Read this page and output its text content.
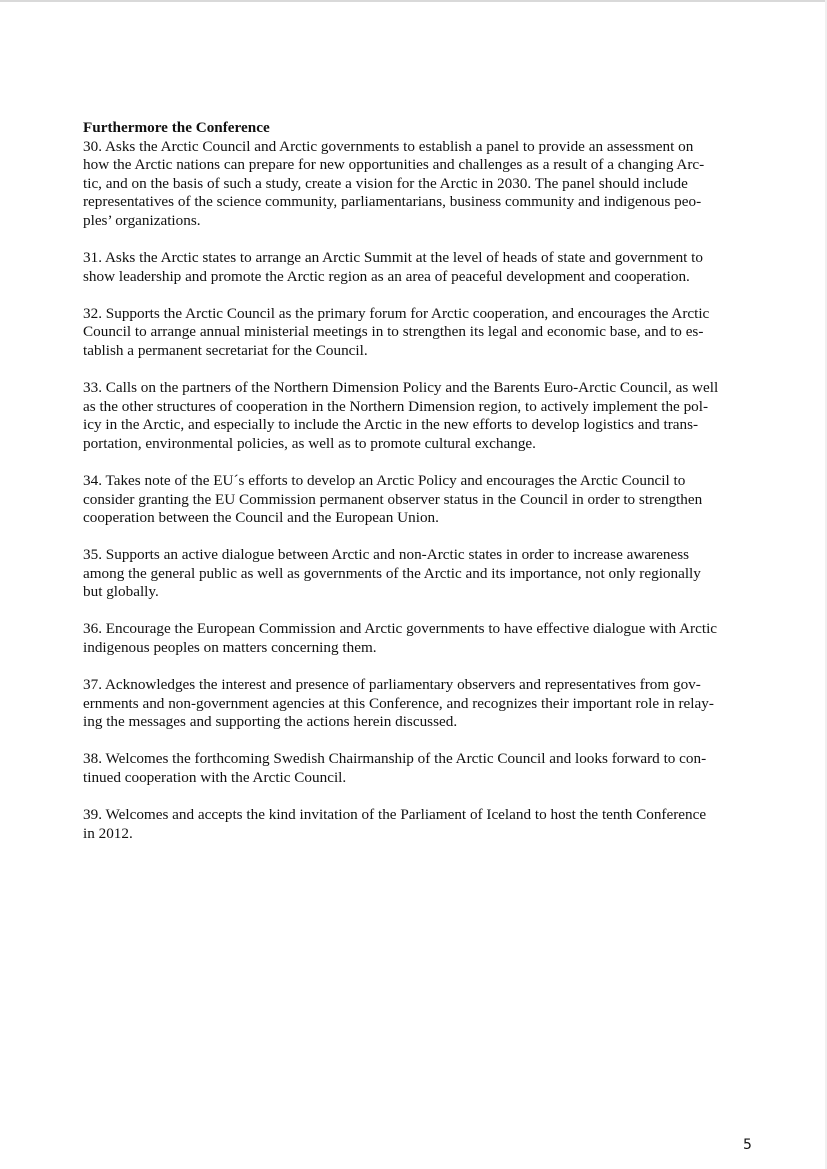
Furthermore the Conference

30. Asks the Arctic Council and Arctic governments to establish a panel to provide an assessment on
how the Arctic nations can prepare for new opportunities and challenges as a result of a changing Arc-
tic, and on the basis of such a study, create a vision for the Arctic in 2030. The panel should include
representatives of the science community, parliamentarians, business community and indigenous peo-
ples’ organizations.

31. Asks the Arctic states to arrange an Arctic Summit at the level of heads of state and government to
show leadership and promote the Arctic region as an area of peaceful development and cooperation.

32. Supports the Arctic Council as the primary forum for Arctic cooperation, and encourages the Arctic
Council to arrange annual ministerial meetings in to strengthen its legal and economic base, and to es-
tablish a permanent secretariat for the Council.

33. Calls on the partners of the Northern Dimension Policy and the Barents Euro-Arctic Council, as well
as the other structures of cooperation in the Northern Dimension region, to actively implement the pol-
icy in the Arctic, and especially to include the Arctic in the new efforts to develop logistics and trans-
portation, environmental policies, as well as to promote cultural exchange.

34. Takes note of the EU´s efforts to develop an Arctic Policy and encourages the Arctic Council to
consider granting the EU Commission permanent observer status in the Council in order to strengthen
cooperation between the Council and the European Union.

35. Supports an active dialogue between Arctic and non-Arctic states in order to increase awareness
among the general public as well as governments of the Arctic and its importance, not only regionally
but globally.

36. Encourage the European Commission and Arctic governments to have effective dialogue with Arctic
indigenous peoples on matters concerning them.

37. Acknowledges the interest and presence of parliamentary observers and representatives from gov-
ernments and non-government agencies at this Conference, and recognizes their important role in relay-
ing the messages and supporting the actions herein discussed.

38. Welcomes the forthcoming Swedish Chairmanship of the Arctic Council and looks forward to con-
tinued cooperation with the Arctic Council.

39. Welcomes and accepts the kind invitation of the Parliament of Iceland to host the tenth Conference
in 2012.

5
